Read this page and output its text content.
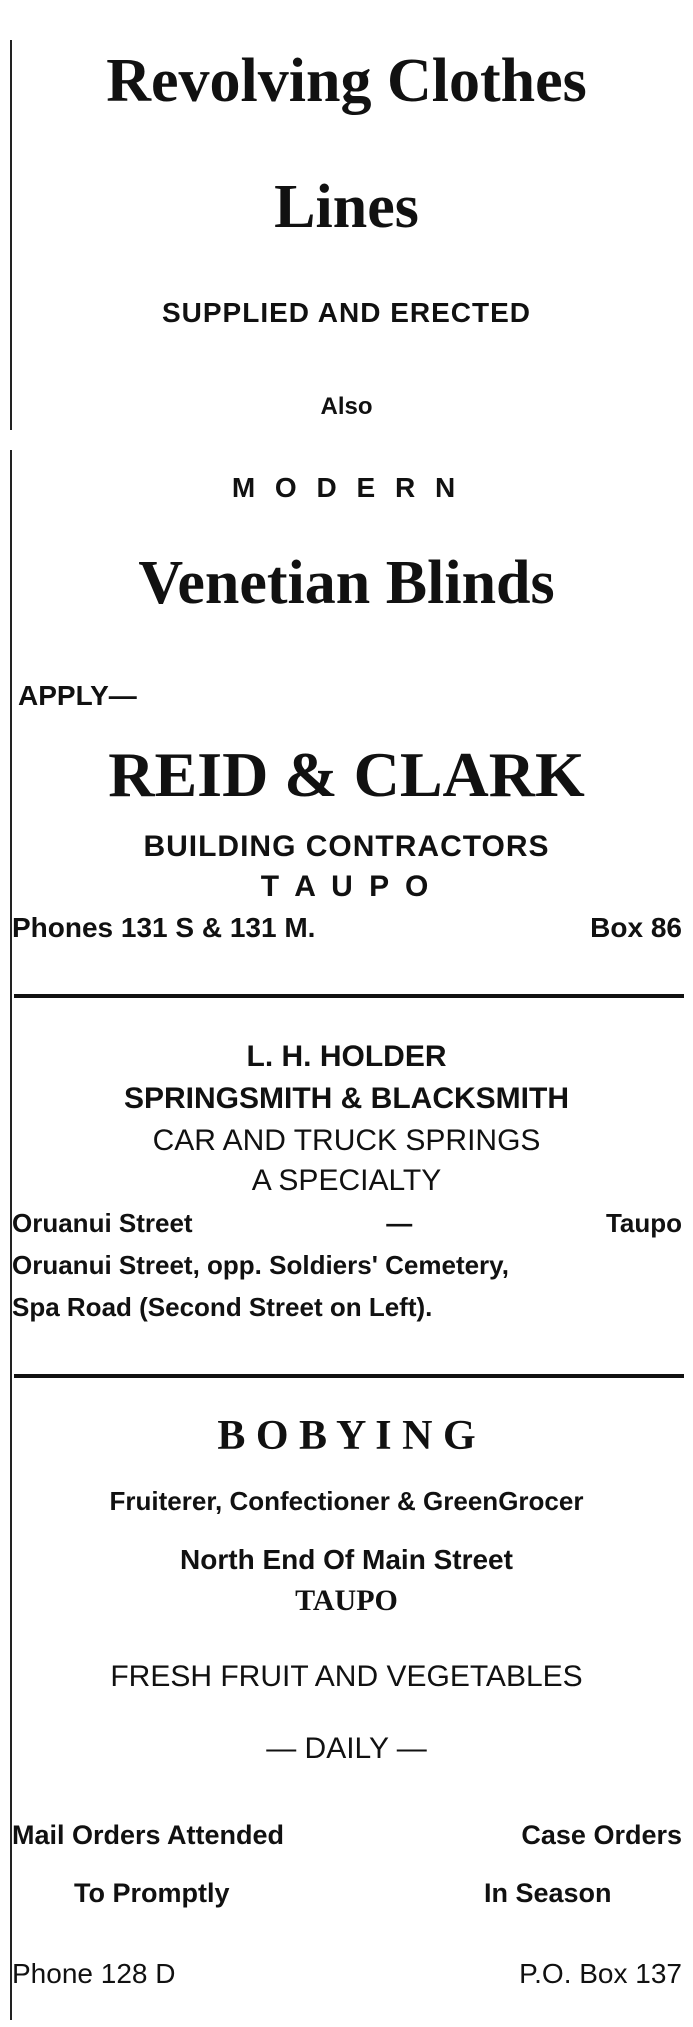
Revolving Clothes
Lines
SUPPLIED AND ERECTED
Also
M O D E R N
Venetian Blinds
APPLY—
REID & CLARK
BUILDING CONTRACTORS
T A U P O
Phones 131 S & 131 M.	Box 86
L. H. HOLDER
SPRINGSMITH & BLACKSMITH
CAR AND TRUCK SPRINGS
A SPECIALTY
Oruanui Street	—	Taupo
Oruanui Street, opp. Soldiers' Cemetery,
Spa Road (Second Street on Left).
B O B Y I N G
Fruiterer, Confectioner & GreenGrocer
North End Of Main Street
TAUPO
FRESH FRUIT AND VEGETABLES
— DAILY —
Mail Orders Attended	Case Orders
To Promptly	In Season
Phone 128 D	P.O. Box 137
